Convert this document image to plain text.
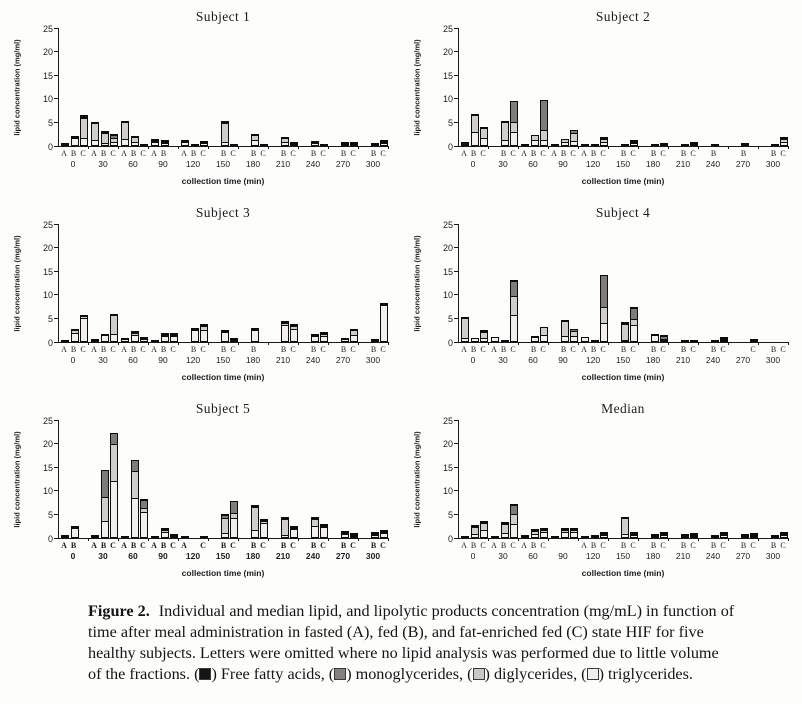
Subject 1
lipid concentration (mg/ml)
0
5
10
15
20
25
A B C
0
A B C
30
A B C
60
A B
90
A B C
120
B C
150
B C
180
B C
210
B C
240
B C
270
B C
300
collection time (min)
Subject 2
lipid concentration (mg/ml)
0
5
10
15
20
25
A B C
0
B C
30
A B C
60
A B C
90
A B C
120
B C
150
B C
180
B C
210
B
240
B
270
B C
300
collection time (min)
Subject 3
lipid concentration (mg/ml)
0
5
10
15
20
25
A B C
0
A B C
30
A B C
60
A B C
90
B C
120
B C
150
B
180
B C
210
B C
240
B C
270
B C
300
collection time (min)
Subject 4
lipid concentration (mg/ml)
0
5
10
15
20
25
A B C
0
A B C
30
B C
60
B C
90
A B C
120
B C
150
B C
180
B C
210
B C
240
C
270
B C
300
collection time (min)
Subject 5
lipid concentration (mg/ml)
0
5
10
15
20
25
A B
0
A B C
30
A B C
60
A B C
90
A C
120
B C
150
B C
180
B C
210
B C
240
B C
270
B C
300
collection time (min)
Median
lipid concentration (mg/ml)
0
5
10
15
20
25
A B C
0
A B C
30
A B C
60	90
A B C
120
B C
150
B C
180
B C
210
B C
240
B C
270
B C
300
collection time (min)
Figure 2. Individual and median lipid, and lipolytic products concentration (mg/mL) in function of time after meal administration in fasted (A), fed (B), and fat-enriched fed (C) state HIF for five healthy subjects. Letters were omitted where no lipid analysis was performed due to little volume of the fractions. ( ) Free fatty acids, ( ) monoglycerides, ( ) diglycerides, ( ) triglycerides.
